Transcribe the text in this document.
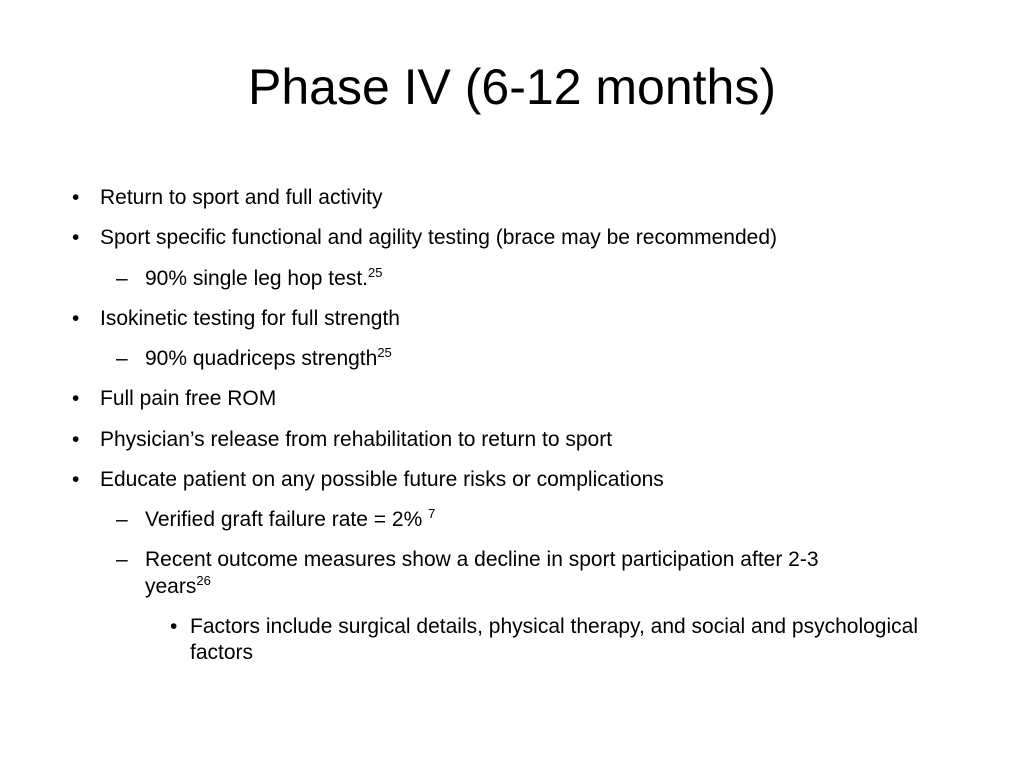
Phase IV (6-12 months)
• Return to sport and full activity
• Sport specific functional and agility testing (brace may be recommended)
– 90% single leg hop test.$^{25}$
• Isokinetic testing for full strength
– 90% quadriceps strength$^{25}$
• Full pain free ROM
• Physician’s release from rehabilitation to return to sport
• Educate patient on any possible future risks or complications
– Verified graft failure rate = 2% $^7$
– Recent outcome measures show a decline in sport participation after 2-3
years$^{26}$
• Factors include surgical details, physical therapy, and social and psychological factors
